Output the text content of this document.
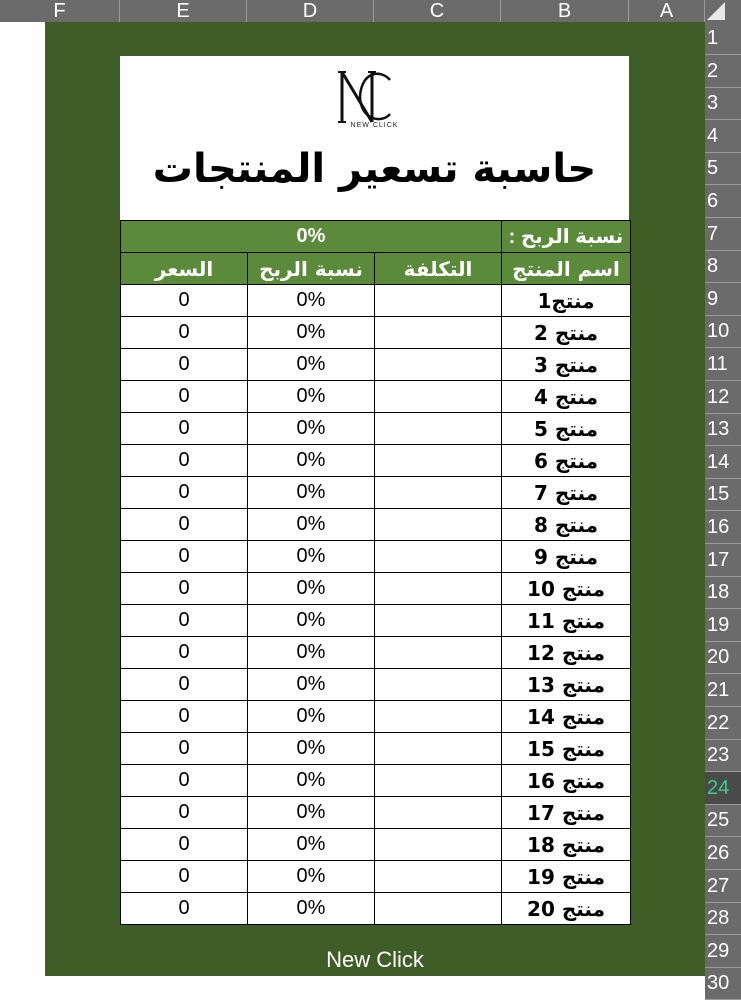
F	E	D	C	B	A
1
2
3
4
5
6
7
8
9
10
11
12
13
14
15
16
17
18
19
20
21
22
23
24
25
26
27
28
29
30
NEW CLICK
حاسبة تسعير المنتجات
0%			نسبة الربح :
السعر	نسبة الربح	التكلفة	اسم المنتج
0	0%		منتج1
0	0%		منتج 2
0	0%		منتج 3
0	0%		منتج 4
0	0%		منتج 5
0	0%		منتج 6
0	0%		منتج 7
0	0%		منتج 8
0	0%		منتج 9
0	0%		منتج 10
0	0%		منتج 11
0	0%		منتج 12
0	0%		منتج 13
0	0%		منتج 14
0	0%		منتج 15
0	0%		منتج 16
0	0%		منتج 17
0	0%		منتج 18
0	0%		منتج 19
0	0%		منتج 20
New Click
